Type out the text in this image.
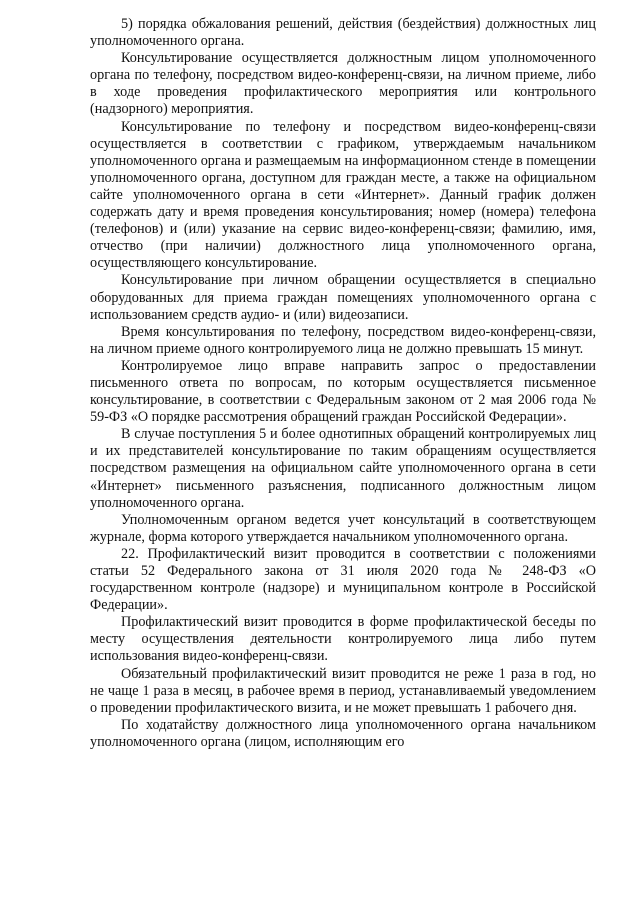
5) порядка обжалования решений, действия (бездействия) должностных лиц уполномоченного органа.

Консультирование осуществляется должностным лицом уполномоченного органа по телефону, посредством видео-конференц-связи, на личном приеме, либо в ходе проведения профилактического мероприятия или контрольного (надзорного) мероприятия.

Консультирование по телефону и посредством видео-конференц-связи осуществляется в соответствии с графиком, утверждаемым начальником уполномоченного органа и размещаемым на информационном стенде в помещении уполномоченного органа, доступном для граждан месте, а также на официальном сайте уполномоченного органа в сети «Интернет». Данный график должен содержать дату и время проведения консультирования; номер (номера) телефона (телефонов) и (или) указание на сервис видео-конференц-связи; фамилию, имя, отчество (при наличии) должностного лица уполномоченного органа, осуществляющего консультирование.

Консультирование при личном обращении осуществляется в специально оборудованных для приема граждан помещениях уполномоченного органа с использованием средств аудио- и (или) видеозаписи.

Время консультирования по телефону, посредством видео-конференц-связи, на личном приеме одного контролируемого лица не должно превышать 15 минут.

Контролируемое лицо вправе направить запрос о предоставлении письменного ответа по вопросам, по которым осуществляется письменное консультирование, в соответствии с Федеральным законом от 2 мая 2006 года № 59-ФЗ «О порядке рассмотрения обращений граждан Российской Федерации».

В случае поступления 5 и более однотипных обращений контролируемых лиц и их представителей консультирование по таким обращениям осуществляется посредством размещения на официальном сайте уполномоченного органа в сети «Интернет» письменного разъяснения, подписанного должностным лицом уполномоченного органа.

Уполномоченным органом ведется учет консультаций в соответствующем журнале, форма которого утверждается начальником уполномоченного органа.

22. Профилактический визит проводится в соответствии с положениями статьи 52 Федерального закона от 31 июля 2020 года № 248-ФЗ «О государственном контроле (надзоре) и муниципальном контроле в Российской Федерации».

Профилактический визит проводится в форме профилактической беседы по месту осуществления деятельности контролируемого лица либо путем использования видео-конференц-связи.

Обязательный профилактический визит проводится не реже 1 раза в год, но не чаще 1 раза в месяц, в рабочее время в период, устанавливаемый уведомлением о проведении профилактического визита, и не может превышать 1 рабочего дня.

По ходатайству должностного лица уполномоченного органа начальником уполномоченного органа (лицом, исполняющим его
